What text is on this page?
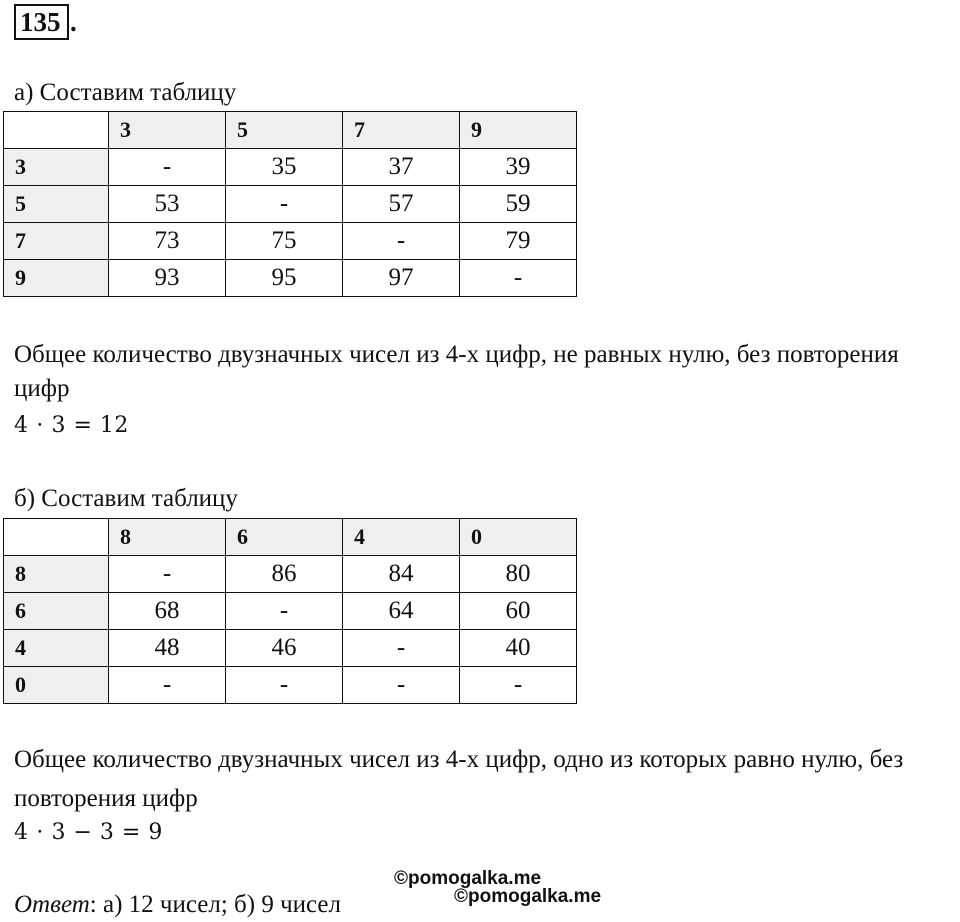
135 .
а) Составим таблицу
	3	5	7	9
3	-	35	37	39
5	53	-	57	59
7	73	75	-	79
9	93	95	97	-
Общее количество двузначных чисел из 4-х цифр, не равных нулю, без повторения
цифр
4 ⋅ 3 = 12
б) Составим таблицу
	8	6	4	0
8	-	86	84	80
6	68	-	64	60
4	48	46	-	40
0	-	-	-	-
Общее количество двузначных чисел из 4-х цифр, одно из которых равно нулю, без
повторения цифр
4 ⋅ 3 − 3 = 9
©pomogalka.me
©pomogalka.me
Ответ: а) 12 чисел; б) 9 чисел
